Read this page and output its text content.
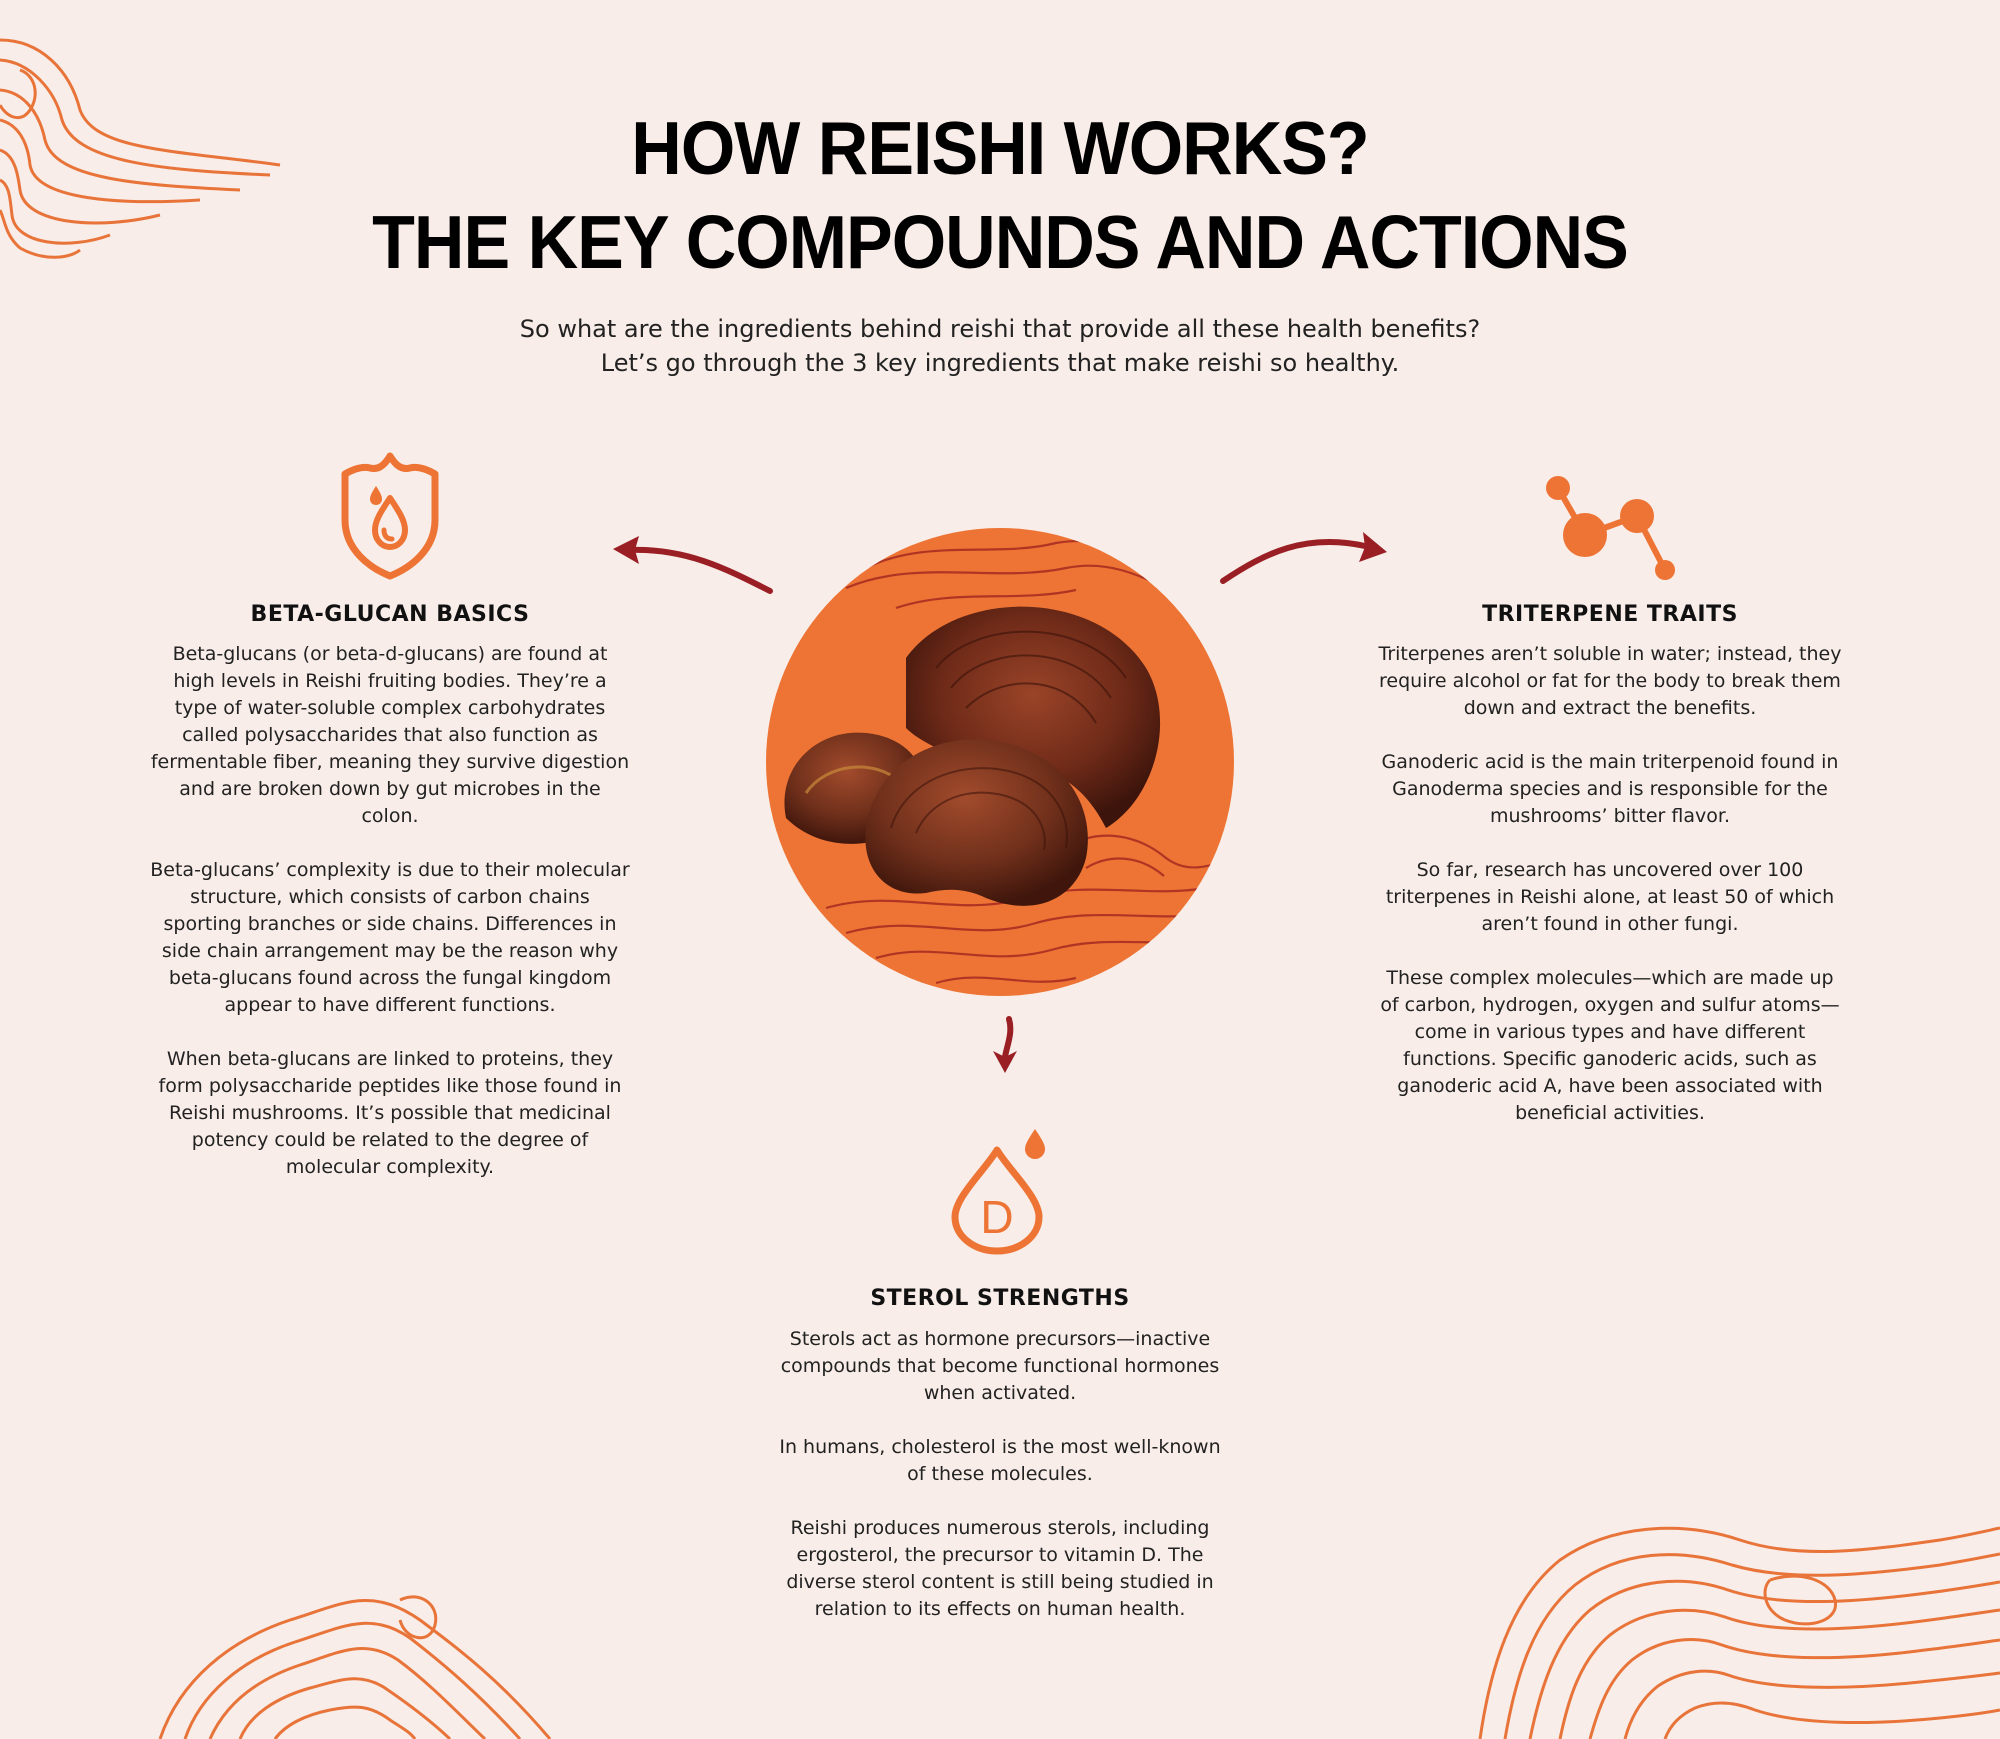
HOW REISHI WORKS?
THE KEY COMPOUNDS AND ACTIONS
So what are the ingredients behind reishi that provide all these health benefits?
Let’s go through the 3 key ingredients that make reishi so healthy.
BETA-GLUCAN BASICS

Beta-glucans (or beta-d-glucans) are found at high levels in Reishi fruiting bodies. They’re a type of water-soluble complex carbohydrates called polysaccharides that also function as fermentable fiber, meaning they survive digestion and are broken down by gut microbes in the colon.

Beta-glucans’ complexity is due to their molecular structure, which consists of carbon chains sporting branches or side chains. Differences in side chain arrangement may be the reason why beta-glucans found across the fungal kingdom appear to have different functions.

When beta-glucans are linked to proteins, they form polysaccharide peptides like those found in Reishi mushrooms. It’s possible that medicinal potency could be related to the degree of molecular complexity.

TRITERPENE TRAITS

Triterpenes aren’t soluble in water; instead, they require alcohol or fat for the body to break them down and extract the benefits.

Ganoderic acid is the main triterpenoid found in Ganoderma species and is responsible for the mushrooms’ bitter flavor.

So far, research has uncovered over 100 triterpenes in Reishi alone, at least 50 of which aren’t found in other fungi.

These complex molecules—which are made up of carbon, hydrogen, oxygen and sulfur atoms—come in various types and have different functions. Specific ganoderic acids, such as ganoderic acid A, have been associated with beneficial activities.

D
STEROL STRENGTHS

Sterols act as hormone precursors—inactive compounds that become functional hormones when activated.

In humans, cholesterol is the most well-known of these molecules.

Reishi produces numerous sterols, including ergosterol, the precursor to vitamin D. The diverse sterol content is still being studied in relation to its effects on human health.
